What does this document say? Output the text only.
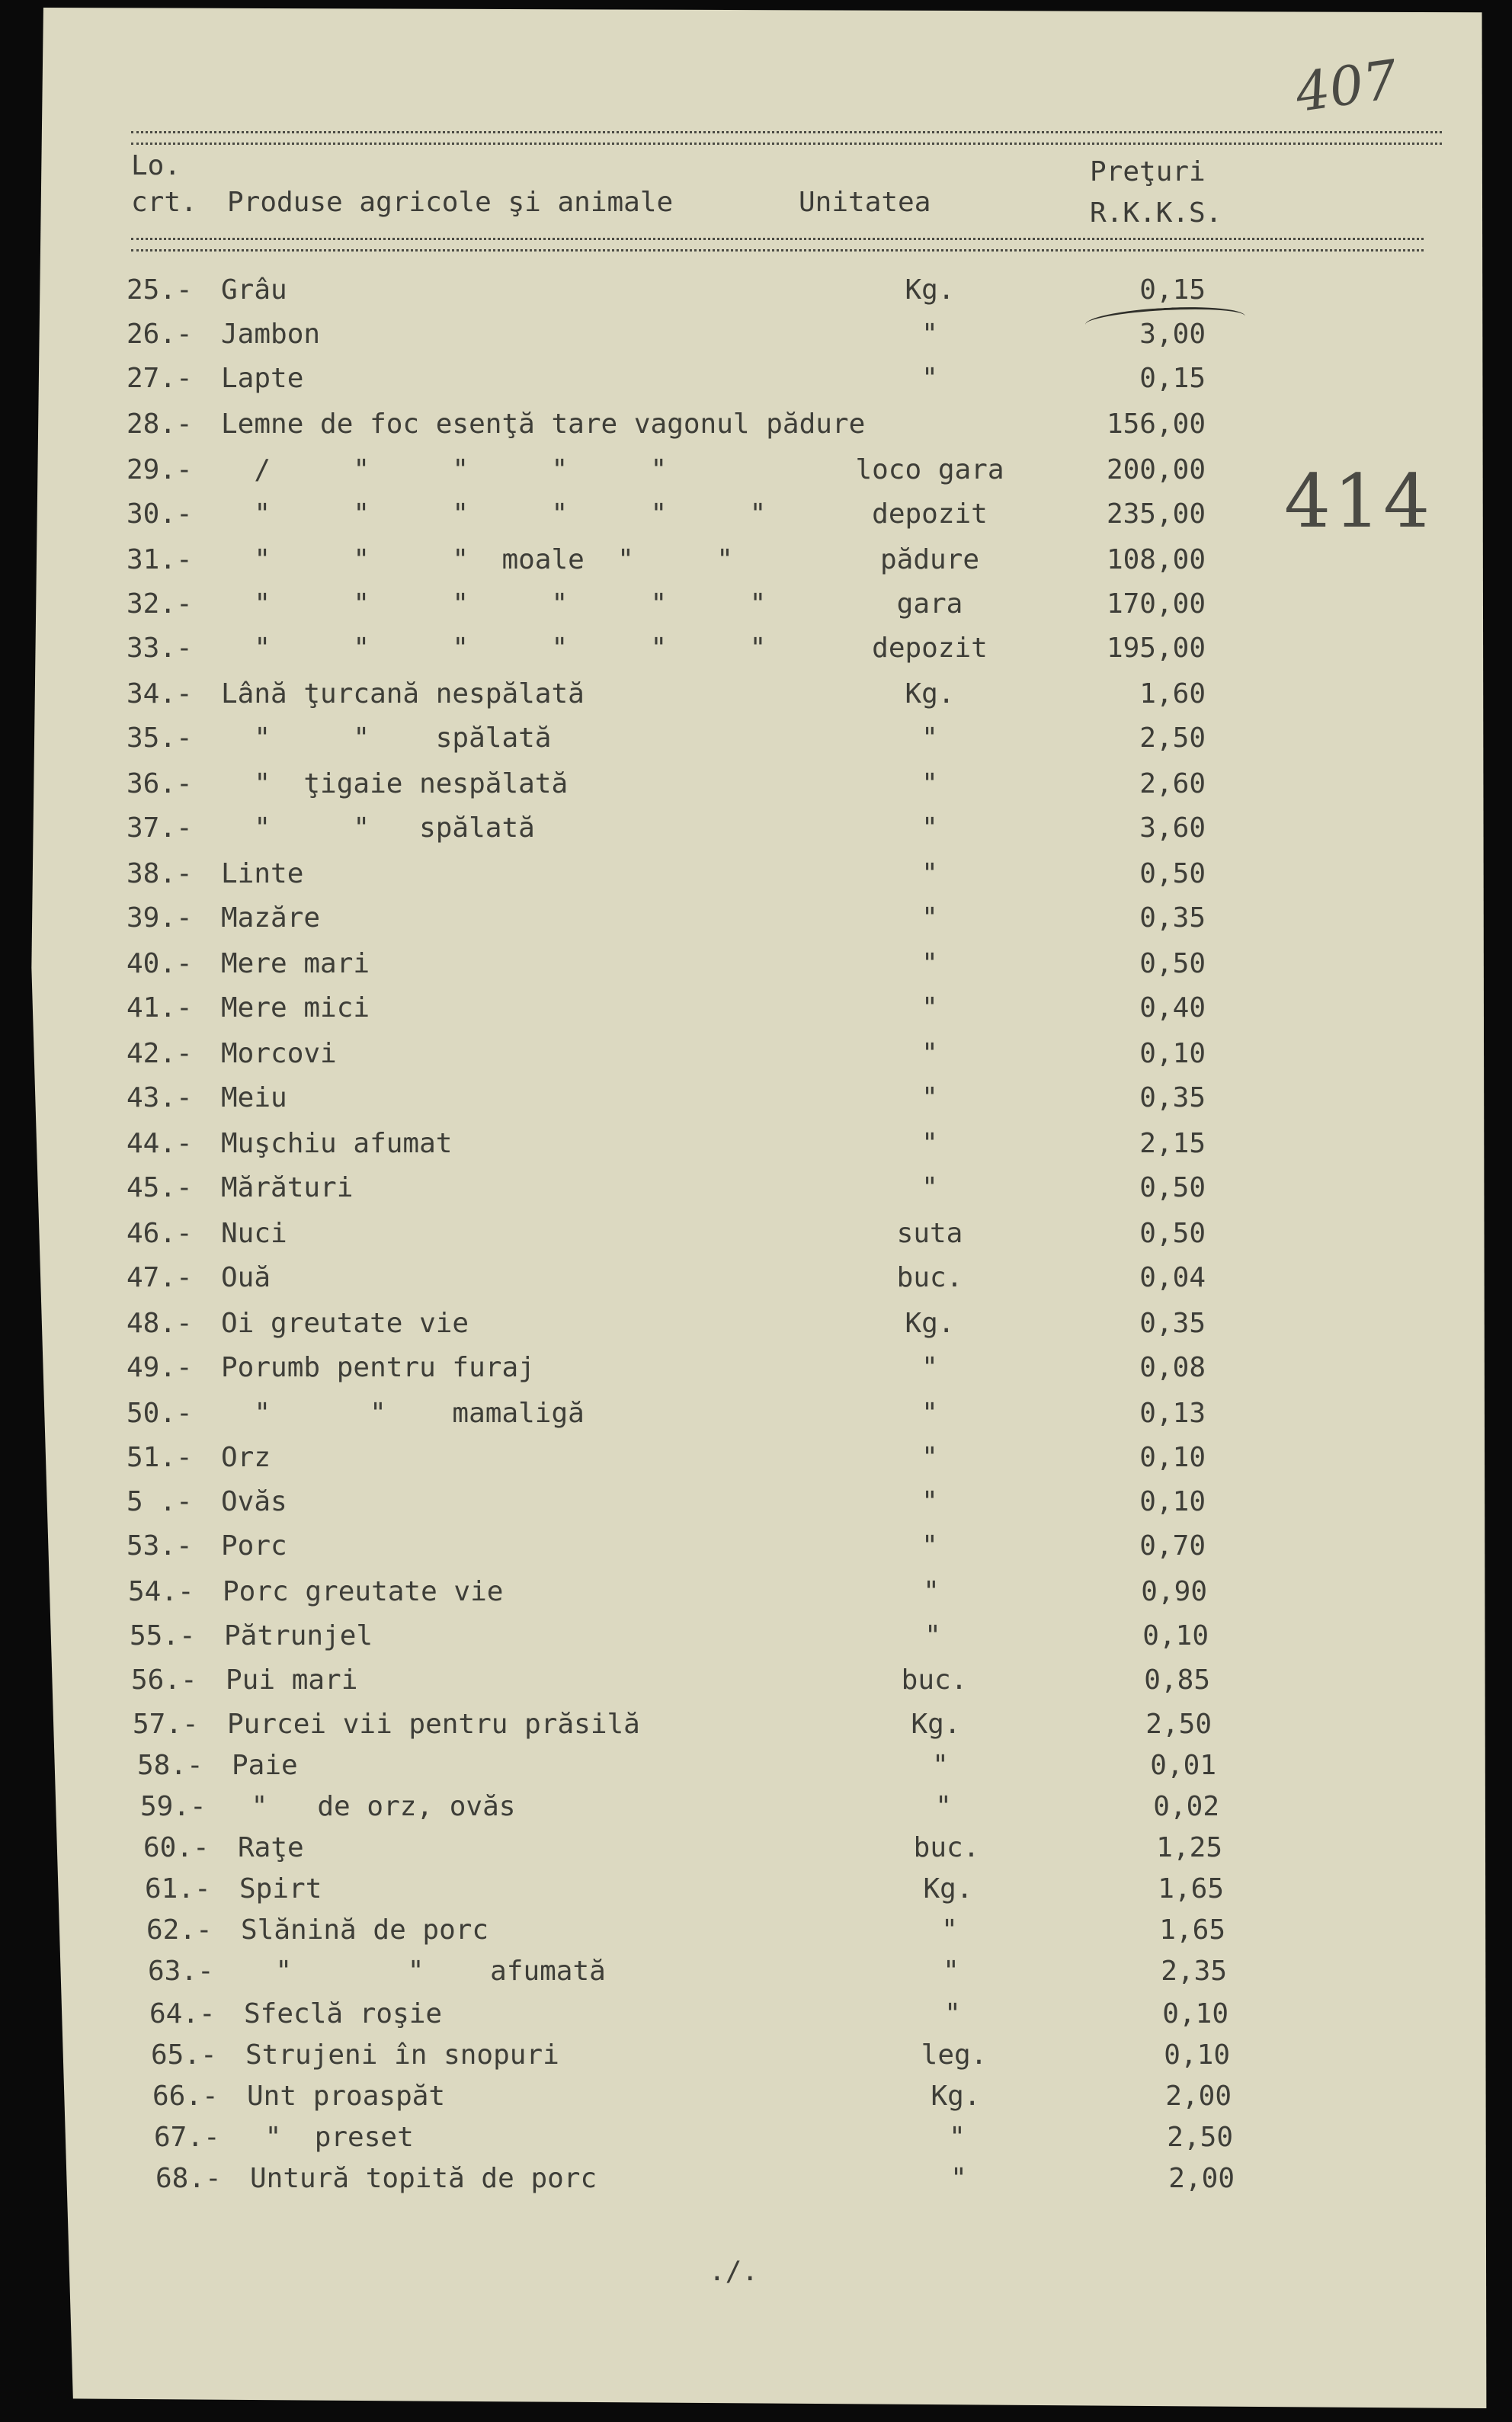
407
414
Lo.
crt. Produse agricole şi animale	Unitatea
Preţuri
R.K.K.S.
25.-	Grâu	Kg.	0,15
26.-	Jambon	"	3,00
27.-	Lapte	"	0,15
28.-	Lemne de foc esenţă tare vagonul pădure	156,00
29.-	/     "     "     "     "	loco gara	200,00
30.-	"     "     "     "     "     "	depozit	235,00
31.-	"     "     "  moale  "     "	pădure	108,00
32.-	"     "     "     "     "     "	gara	170,00
33.-	"     "     "     "     "     "	depozit	195,00
34.-	Lână ţurcană nespălată	Kg.	1,60
35.-	"     "    spălată	"	2,50
36.-	"  ţigaie nespălată	"	2,60
37.-	"     "   spălată	"	3,60
38.-	Linte	"	0,50
39.-	Mazăre	"	0,35
40.-	Mere mari	"	0,50
41.-	Mere mici	"	0,40
42.-	Morcovi	"	0,10
43.-	Meiu	"	0,35
44.-	Muşchiu afumat	"	2,15
45.-	Mărături	"	0,50
46.-	Nuci	suta	0,50
47.-	Ouă	buc.	0,04
48.-	Oi greutate vie	Kg.	0,35
49.-	Porumb pentru furaj	"	0,08
50.-	"      "    mamaligă	"	0,13
51.-	Orz	"	0,10
5 .-	Ovăs	"	0,10
53.-	Porc	"	0,70
54.-	Porc greutate vie	"	0,90
55.-	Pătrunjel	"	0,10
56.-	Pui mari	buc.	0,85
57.-	Purcei vii pentru prăsilă	Kg.	2,50
58.-	Paie	"	0,01
59.-	"   de orz, ovăs	"	0,02
60.-	Raţe	buc.	1,25
61.-	Spirt	Kg.	1,65
62.-	Slănină de porc	"	1,65
63.-	"       "    afumată	"	2,35
64.-	Sfeclă roşie	"	0,10
65.-	Strujeni în snopuri	leg.	0,10
66.-	Unt proaspăt	Kg.	2,00
67.-	"  preset	"	2,50
68.-	Untură topită de porc	"	2,00
./.
